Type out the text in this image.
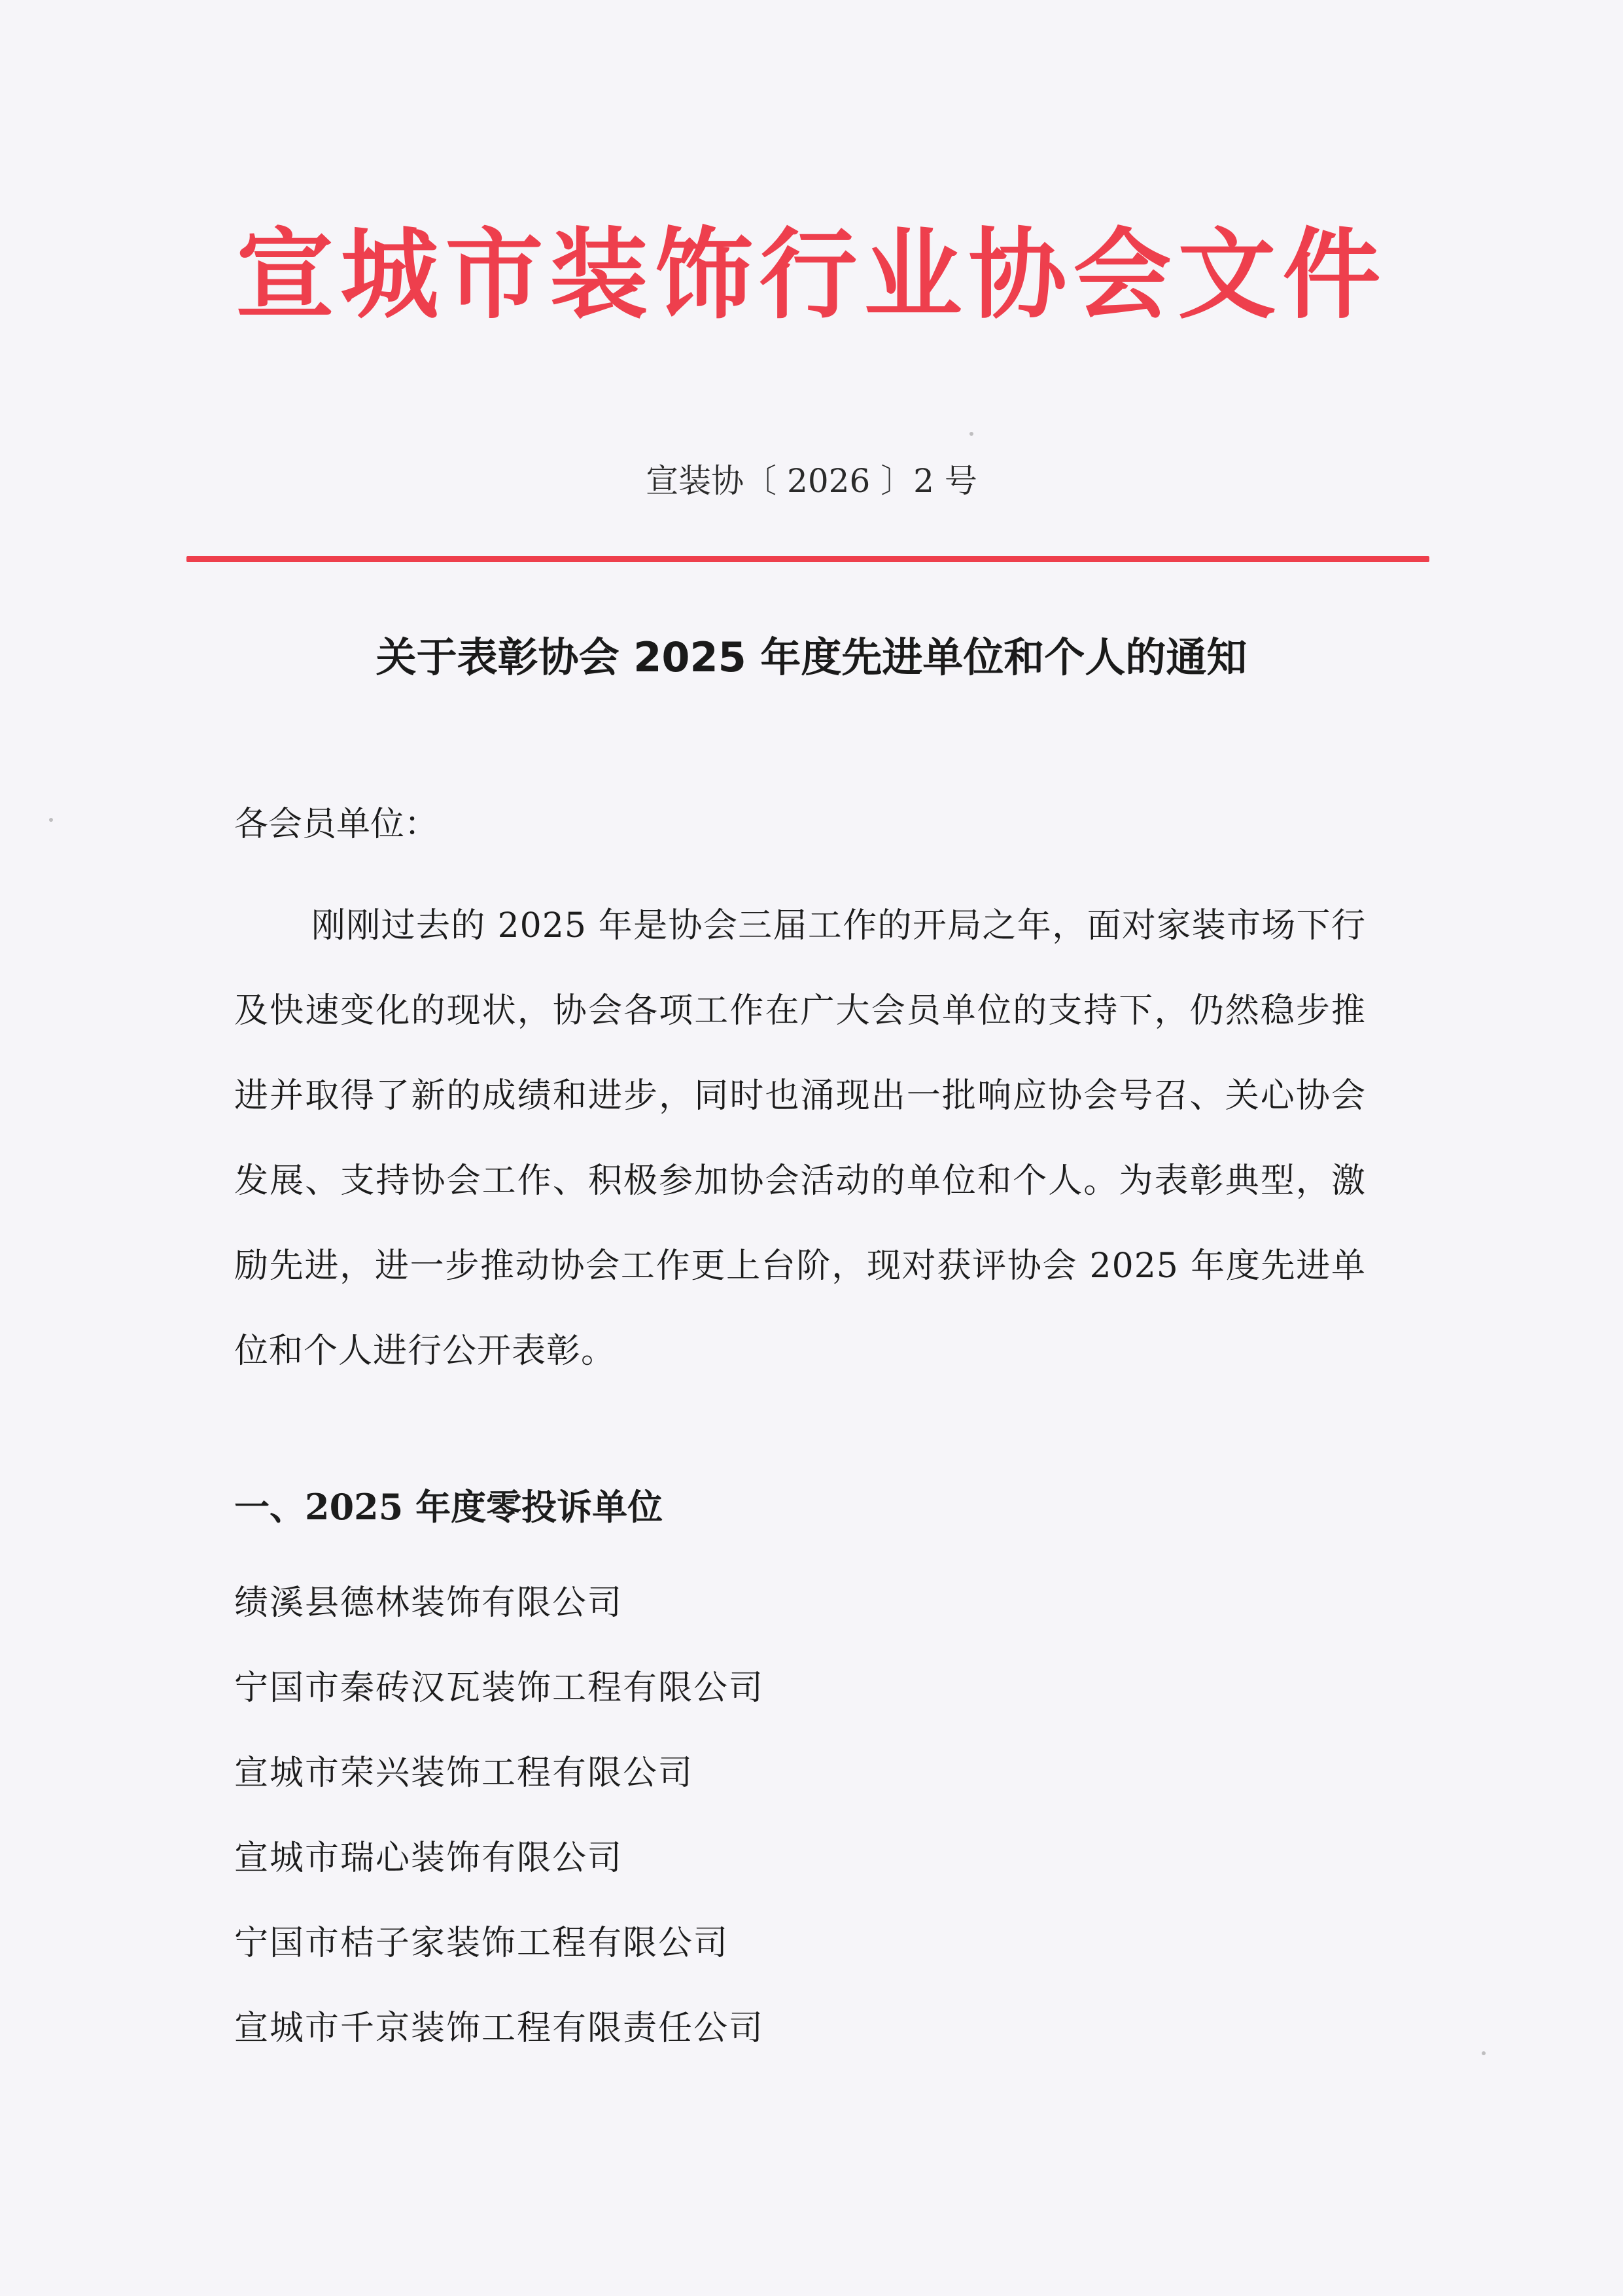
宣城市装饰行业协会文件
宣装协〔 2026 〕2 号
关于表彰协会 2025 年度先进单位和个人的通知
各会员单位：
刚刚过去的 2025 年是协会三届工作的开局之年，面对家装市场下行及快速变化的现状，协会各项工作在广大会员单位的支持下，仍然稳步推进并取得了新的成绩和进步，同时也涌现出一批响应协会号召、关心协会发展、支持协会工作、积极参加协会活动的单位和个人。为表彰典型，激励先进，进一步推动协会工作更上台阶，现对获评协会 2025 年度先进单位和个人进行公开表彰。
一、2025 年度零投诉单位
绩溪县德林装饰有限公司
宁国市秦砖汉瓦装饰工程有限公司
宣城市荣兴装饰工程有限公司
宣城市瑞心装饰有限公司
宁国市桔子家装饰工程有限公司
宣城市千京装饰工程有限责任公司
